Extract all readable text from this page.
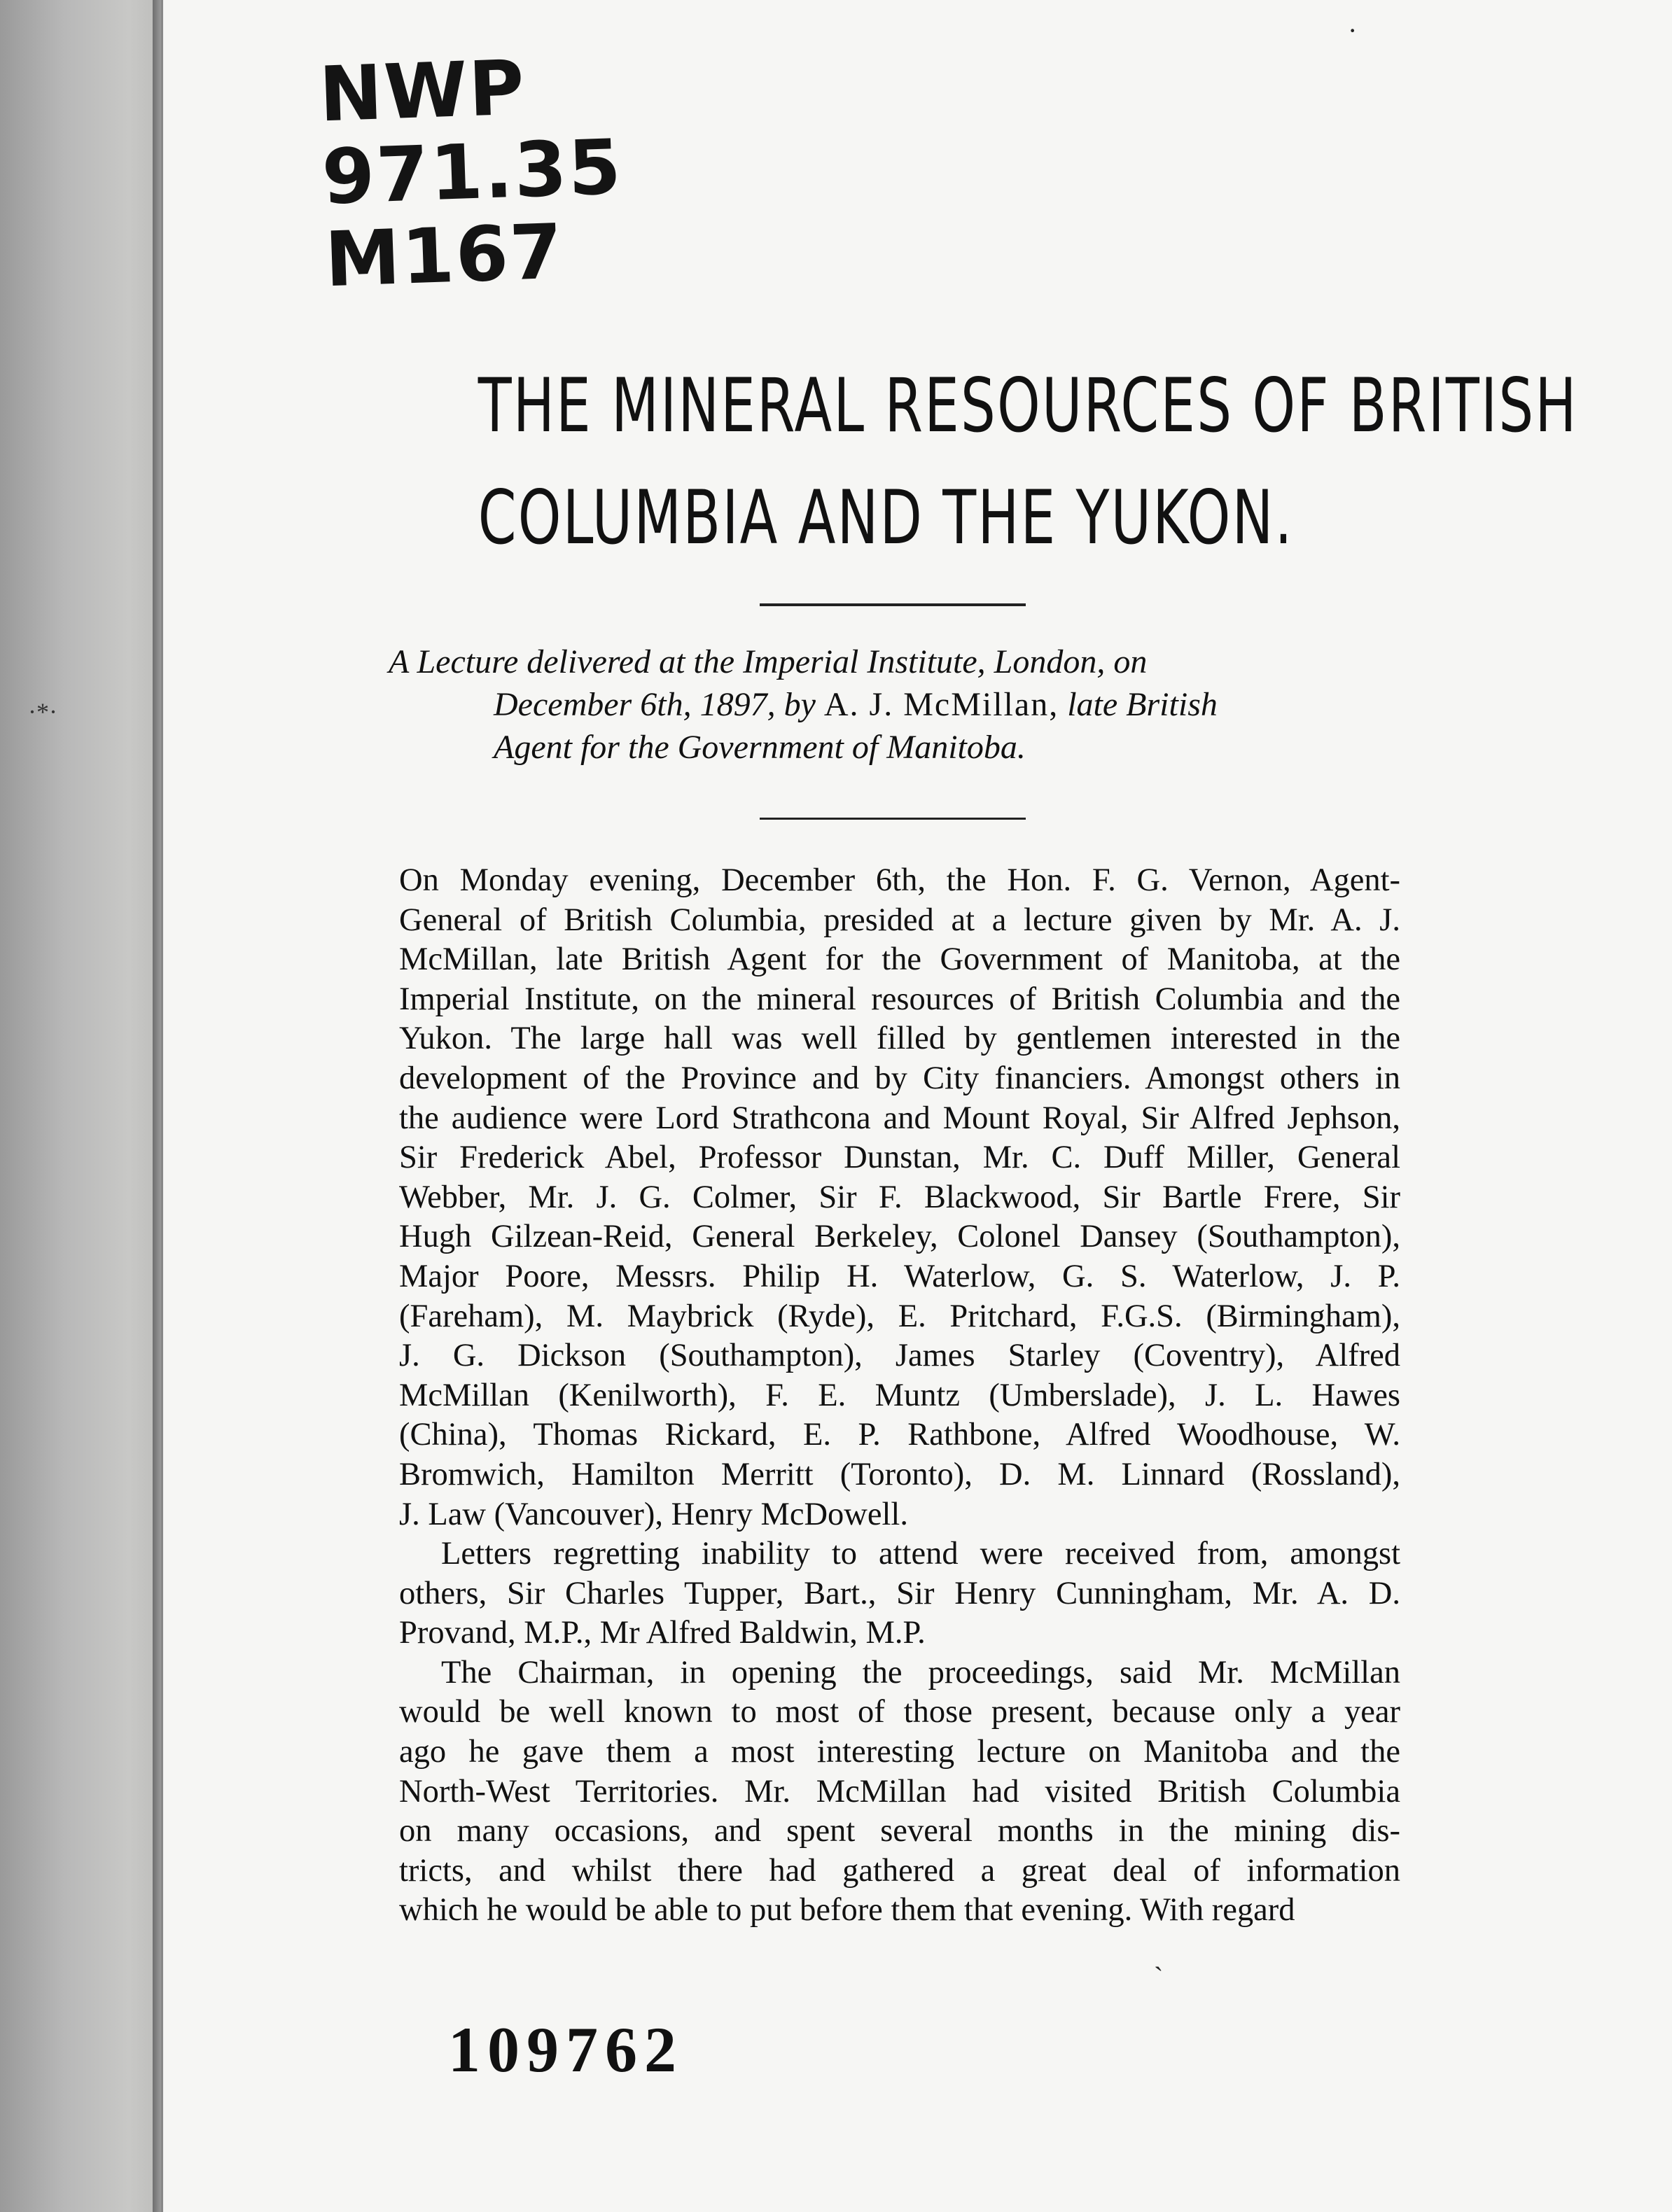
·*·
NWP
971.35
M167
THE MINERAL RESOURCES OF BRITISH
COLUMBIA AND THE YUKON.
A Lecture delivered at the Imperial Institute, London, on
December 6th, 1897, by A. J. McMillan, late British
Agent for the Government of Manitoba.
On Monday evening, December 6th, the Hon. F. G. Vernon, Agent-
General of British Columbia, presided at a lecture given by Mr. A. J.
McMillan, late British Agent for the Government of Manitoba, at the
Imperial Institute, on the mineral resources of British Columbia and the
Yukon. The large hall was well filled by gentlemen interested in the
development of the Province and by City financiers. Amongst others in
the audience were Lord Strathcona and Mount Royal, Sir Alfred Jephson,
Sir Frederick Abel, Professor Dunstan, Mr. C. Duff Miller, General
Webber, Mr. J. G. Colmer, Sir F. Blackwood, Sir Bartle Frere, Sir
Hugh Gilzean-Reid, General Berkeley, Colonel Dansey (Southampton),
Major Poore, Messrs. Philip H. Waterlow, G. S. Waterlow, J. P.
(Fareham), M. Maybrick (Ryde), E. Pritchard, F.G.S. (Birmingham),
J. G. Dickson (Southampton), James Starley (Coventry), Alfred
McMillan (Kenilworth), F. E. Muntz (Umberslade), J. L. Hawes
(China), Thomas Rickard, E. P. Rathbone, Alfred Woodhouse, W.
Bromwich, Hamilton Merritt (Toronto), D. M. Linnard (Rossland),
J. Law (Vancouver), Henry McDowell.
Letters regretting inability to attend were received from, amongst
others, Sir Charles Tupper, Bart., Sir Henry Cunningham, Mr. A. D.
Provand, M.P., Mr Alfred Baldwin, M.P.
The Chairman, in opening the proceedings, said Mr. McMillan
would be well known to most of those present, because only a year
ago he gave them a most interesting lecture on Manitoba and the
North-West Territories. Mr. McMillan had visited British Columbia
on many occasions, and spent several months in the mining dis-
tricts, and whilst there had gathered a great deal of information
which he would be able to put before them that evening. With regard
109762
·
ˎ
